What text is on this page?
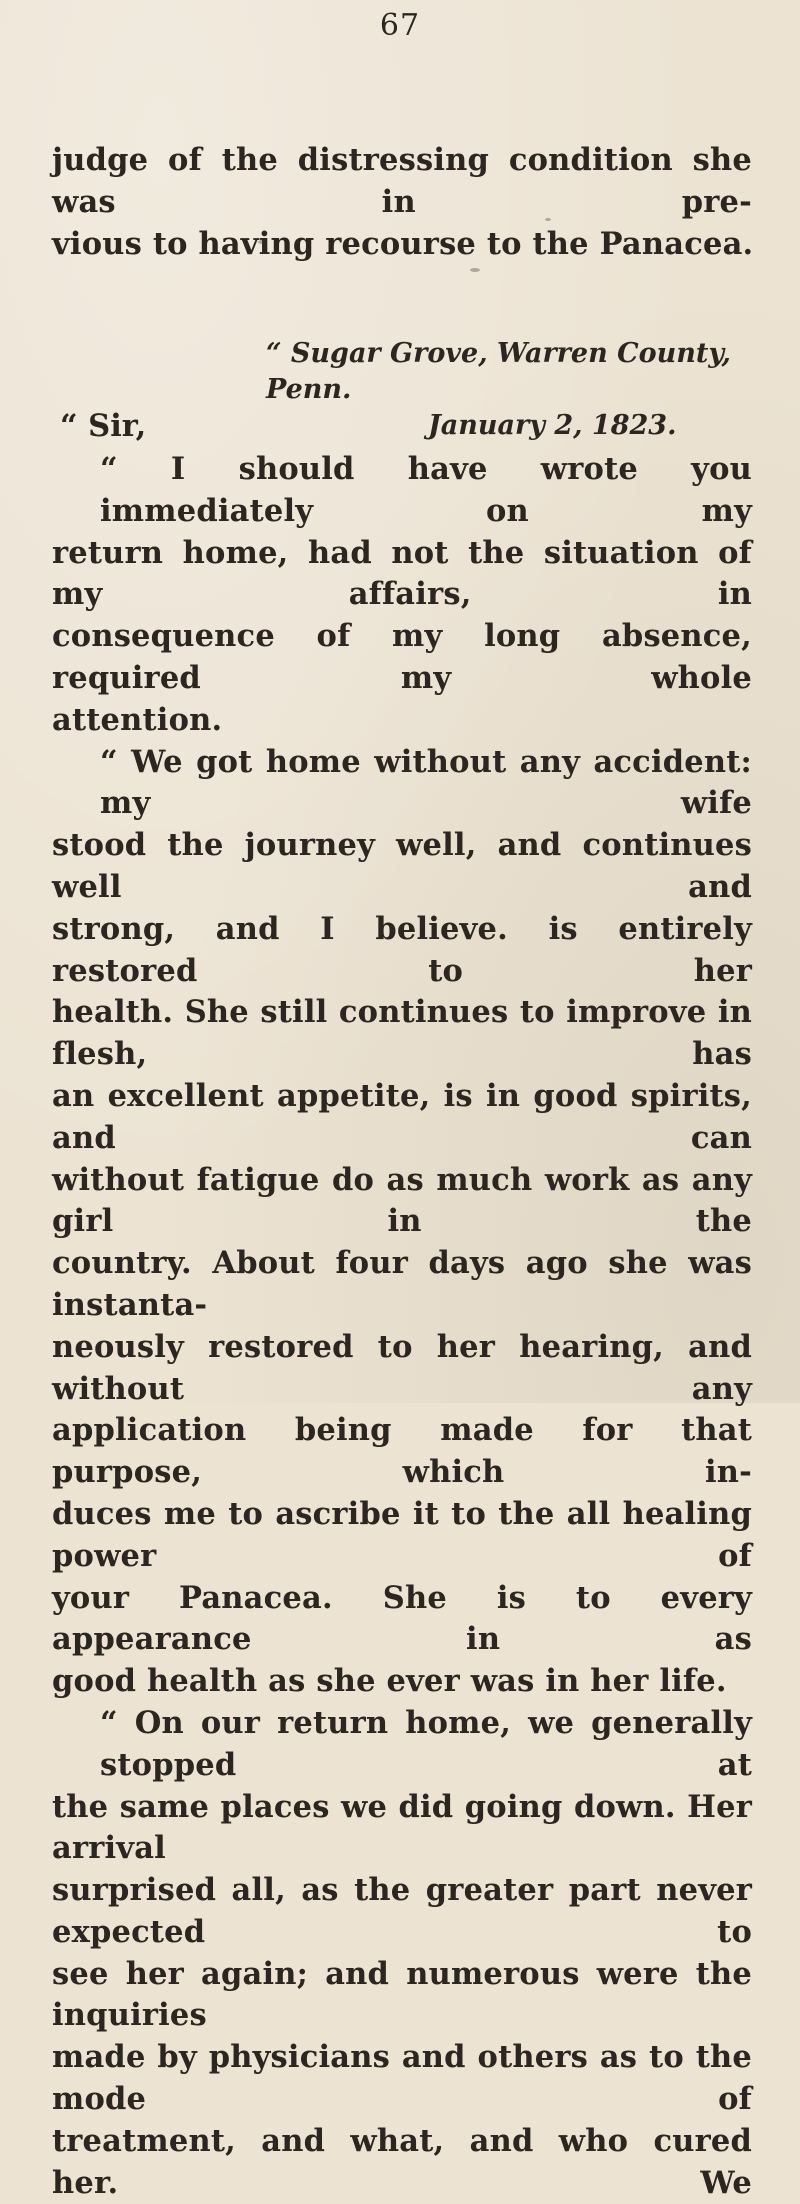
67
judge of the distressing condition she was in pre-
vious to having recourse to the Panacea.
“ Sugar Grove, Warren County, Penn.
January 2, 1823.
“ Sir,
“ I should have wrote you immediately on my
return home, had not the situation of my affairs, in
consequence of my long absence, required my whole
attention.
“ We got home without any accident: my wife
stood the journey well, and continues well and
strong, and I believe. is entirely restored to her
health. She still continues to improve in flesh, has
an excellent appetite, is in good spirits, and can
without fatigue do as much work as any girl in the
country. About four days ago she was instanta-
neously restored to her hearing, and without any
application being made for that purpose, which in-
duces me to ascribe it to the all healing power of
your Panacea. She is to every appearance in as
good health as she ever was in her life.
“ On our return home, we generally stopped at
the same places we did going down. Her arrival
surprised all, as the greater part never expected to
see her again; and numerous were the inquiries
made by physicians and others as to the mode of
treatment, and what, and who cured her. We
